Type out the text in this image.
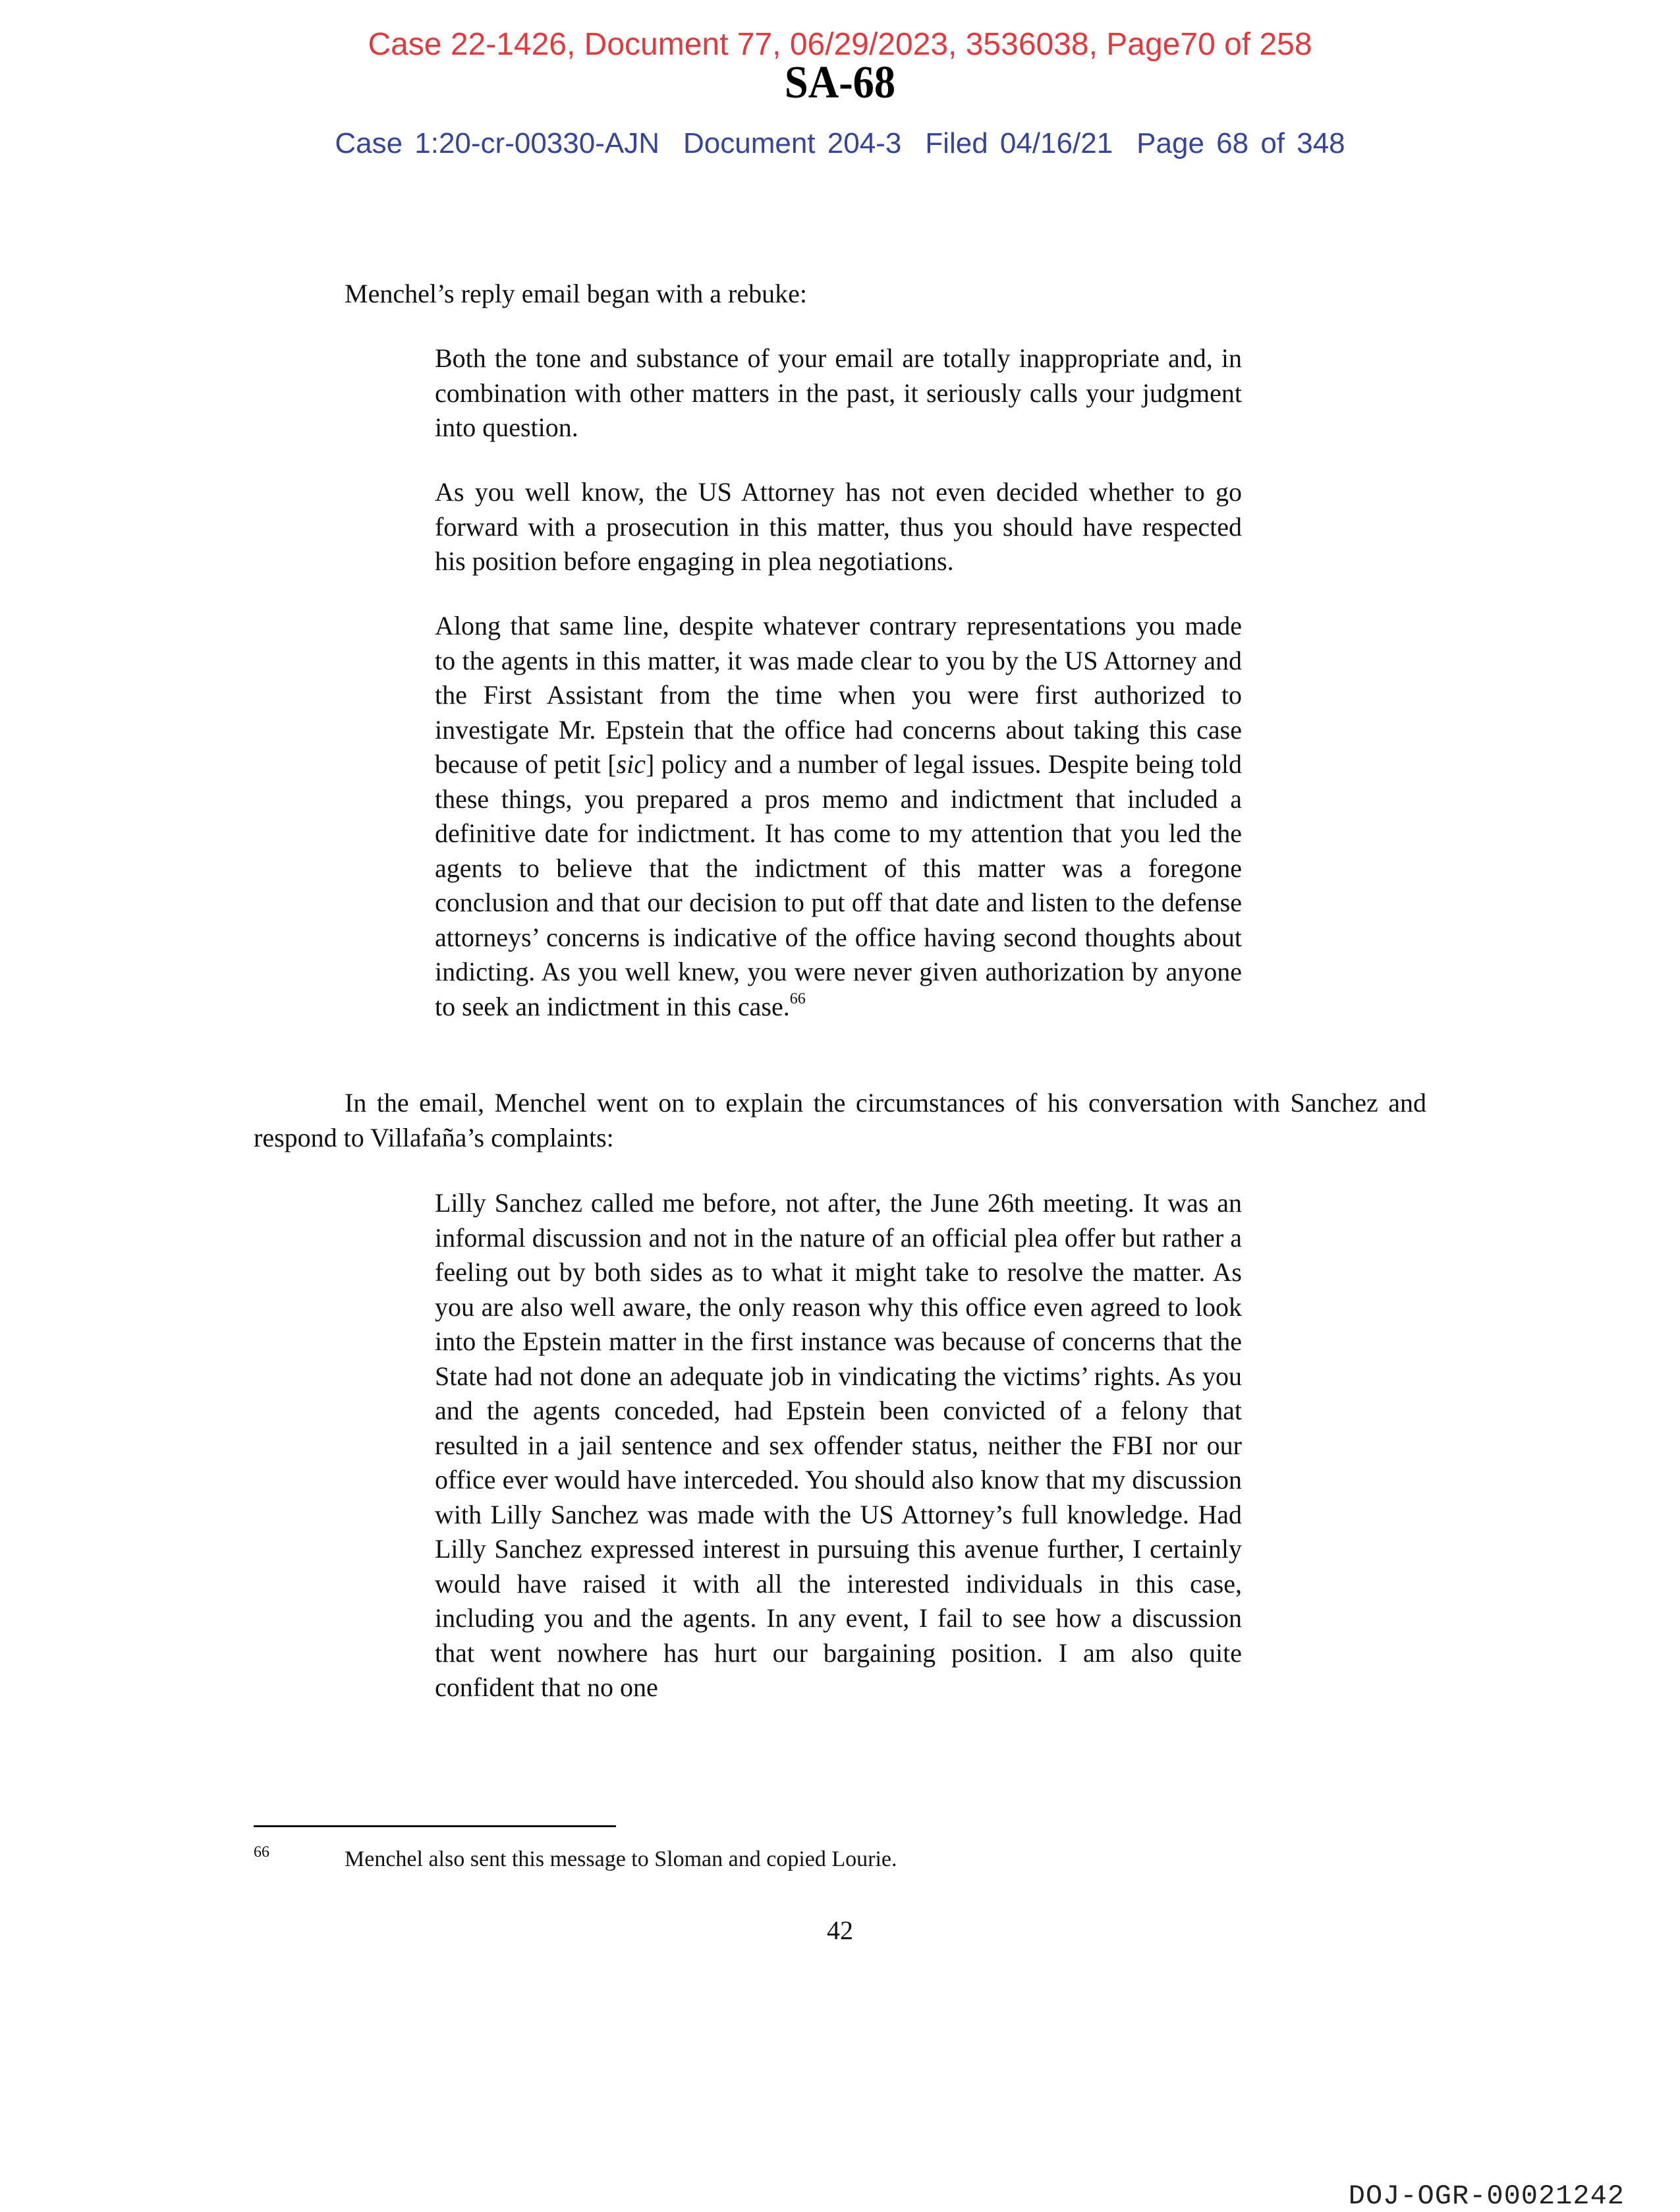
Case 22-1426, Document 77, 06/29/2023, 3536038, Page70 of 258
SA-68
Case 1:20-cr-00330-AJN Document 204-3 Filed 04/16/21 Page 68 of 348
Menchel’s reply email began with a rebuke:
Both the tone and substance of your email are totally inappropriate and, in combination with other matters in the past, it seriously calls your judgment into question.
As you well know, the US Attorney has not even decided whether to go forward with a prosecution in this matter, thus you should have respected his position before engaging in plea negotiations.
Along that same line, despite whatever contrary representations you made to the agents in this matter, it was made clear to you by the US Attorney and the First Assistant from the time when you were first authorized to investigate Mr. Epstein that the office had concerns about taking this case because of petit [sic] policy and a number of legal issues. Despite being told these things, you prepared a pros memo and indictment that included a definitive date for indictment. It has come to my attention that you led the agents to believe that the indictment of this matter was a foregone conclusion and that our decision to put off that date and listen to the defense attorneys’ concerns is indicative of the office having second thoughts about indicting. As you well knew, you were never given authorization by anyone to seek an indictment in this case.$^{66}$
In the email, Menchel went on to explain the circumstances of his conversation with Sanchez and respond to Villafaña’s complaints:
Lilly Sanchez called me before, not after, the June 26th meeting. It was an informal discussion and not in the nature of an official plea offer but rather a feeling out by both sides as to what it might take to resolve the matter. As you are also well aware, the only reason why this office even agreed to look into the Epstein matter in the first instance was because of concerns that the State had not done an adequate job in vindicating the victims’ rights. As you and the agents conceded, had Epstein been convicted of a felony that resulted in a jail sentence and sex offender status, neither the FBI nor our office ever would have interceded. You should also know that my discussion with Lilly Sanchez was made with the US Attorney’s full knowledge. Had Lilly Sanchez expressed interest in pursuing this avenue further, I certainly would have raised it with all the interested individuals in this case, including you and the agents. In any event, I fail to see how a discussion that went nowhere has hurt our bargaining position. I am also quite confident that no one
66	Menchel also sent this message to Sloman and copied Lourie.
42
DOJ-OGR-00021242
